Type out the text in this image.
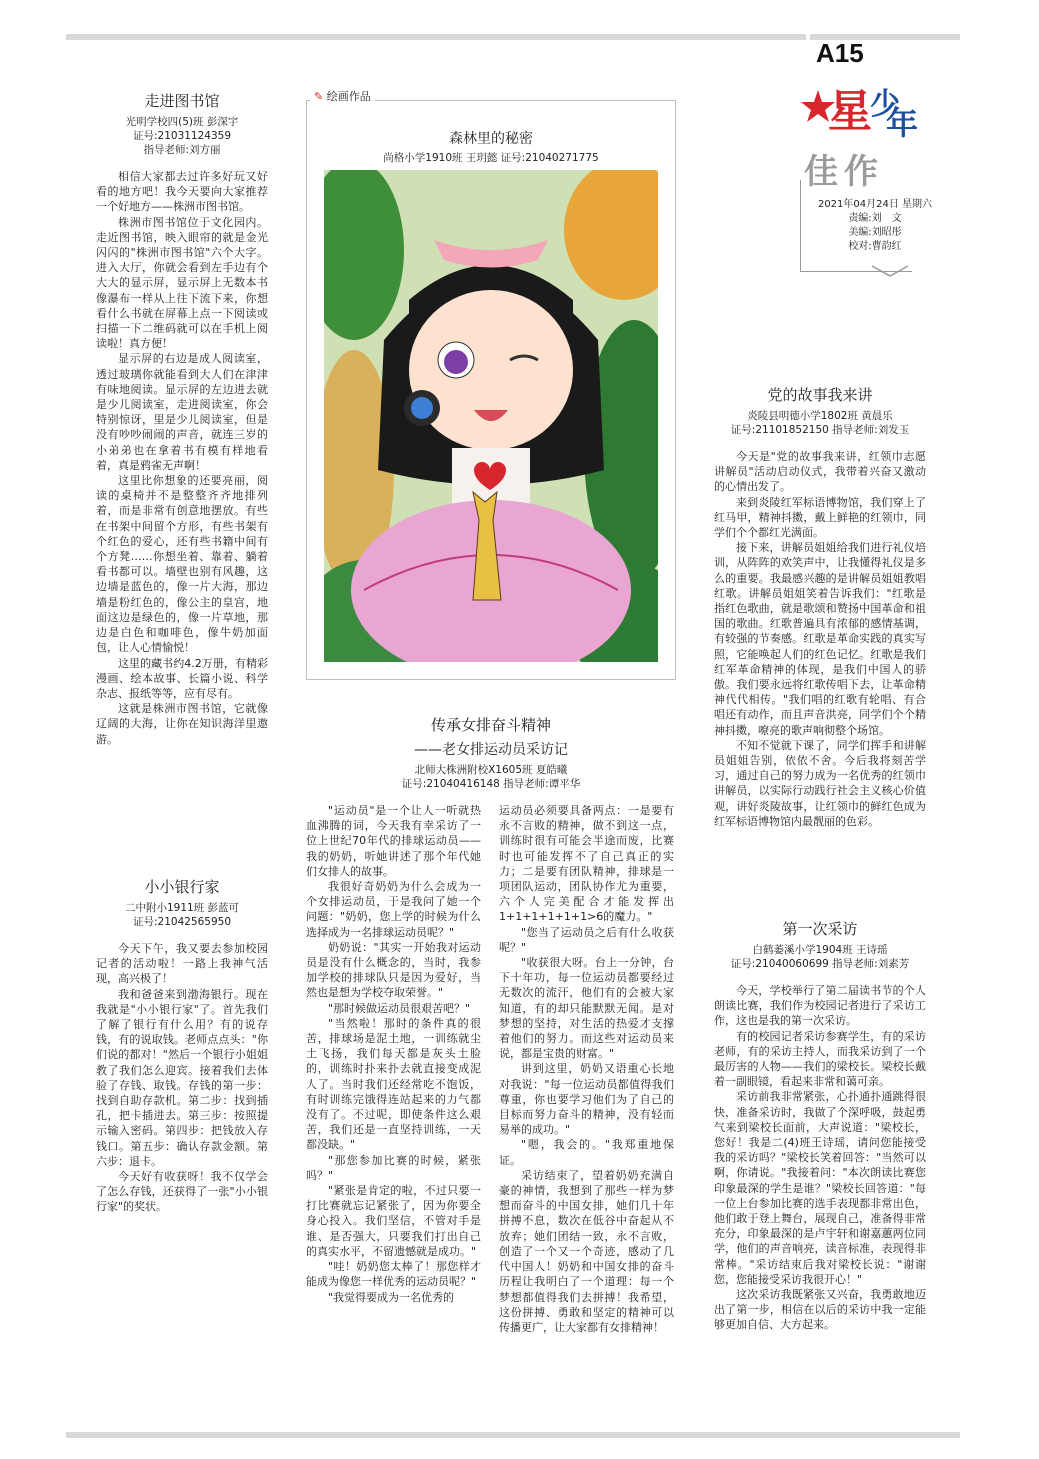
A15
星
少
年
星少年
佳作
2021年04月24日 星期六
责编:刘　文
美编:刘昭彤
校对:曹韵红
走进图书馆
光明学校四(5)班 彭深宇
证号:21031124359
指导老师:刘方丽

相信大家都去过许多好玩又好看的地方吧！我今天要向大家推荐一个好地方——株洲市图书馆。

株洲市图书馆位于文化园内。走近图书馆，映入眼帘的就是金光闪闪的"株洲市图书馆"六个大字。进入大厅，你就会看到左手边有个大大的显示屏，显示屏上无数本书像瀑布一样从上往下流下来，你想看什么书就在屏幕上点一下阅读或扫描一下二维码就可以在手机上阅读啦！真方便！

显示屏的右边是成人阅读室，透过玻璃你就能看到大人们在津津有味地阅读。显示屏的左边进去就是少儿阅读室，走进阅读室，你会特别惊讶，里是少儿阅读室，但是没有吵吵闹闹的声音，就连三岁的小弟弟也在拿着书有模有样地看着，真是鸦雀无声啊！

这里比你想象的还要亮丽，阅读的桌椅并不是整整齐齐地排列着，而是非常有创意地摆放。有些在书架中间留个方形，有些书架有个红色的爱心，还有些书籍中间有个方凳……你想坐着、靠着、躺着看书都可以。墙壁也别有风趣，这边墙是蓝色的，像一片大海，那边墙是粉红色的，像公主的皇宫，地面这边是绿色的，像一片草地，那边是白色和咖啡色，像牛奶加面包，让人心情愉悦！

这里的藏书约4.2万册，有精彩漫画、绘本故事、长篇小说、科学杂志、报纸等等，应有尽有。

这就是株洲市图书馆，它就像辽阔的大海，让你在知识海洋里遨游。

小小银行家
二中附小1911班 彭蓝可
证号:21042565950

今天下午，我又要去参加校园记者的活动啦！一路上我神气活现，高兴极了！

我和爸爸来到渤海银行。现在我就是"小小银行家"了。首先我们了解了银行有什么用？有的说存钱，有的说取钱。老师点点头："你们说的都对！"然后一个银行小姐姐教了我们怎么迎宾。接着我们去体验了存钱、取钱。存钱的第一步：找到自助存款机。第二步：找到插孔，把卡插进去。第三步：按照提示输入密码。第四步：把钱放入存钱口。第五步：确认存款金额。第六步：退卡。

今天好有收获呀！我不仅学会了怎么存钱，还获得了一张"小小银行家"的奖状。

✎ 绘画作品
森林里的秘密
尚格小学1910班 王玥懿 证号:21040271775
传承女排奋斗精神
——老女排运动员采访记
北师大株洲附校X1605班 夏皓曦
证号:21040416148 指导老师:谭平华

"运动员"是一个让人一听就热血沸腾的词，今天我有幸采访了一位上世纪70年代的排球运动员——我的奶奶，听她讲述了那个年代她们女排人的故事。

我很好奇奶奶为什么会成为一个女排运动员，于是我问了她一个问题："奶奶，您上学的时候为什么选择成为一名排球运动员呢？"

奶奶说："其实一开始我对运动员是没有什么概念的，当时，我参加学校的排球队只是因为爱好，当然也是想为学校夺取荣誉。"

"那时候做运动员很艰苦吧？"

"当然啦！那时的条件真的很苦，排球场是泥土地，一训练就尘土飞扬，我们每天都是灰头土脸的，训练时扑来扑去就直接变成泥人了。当时我们还经常吃不饱饭，有时训练完饿得连站起来的力气都没有了。不过呢，即使条件这么艰苦，我们还是一直坚持训练，一天都没缺。"

"那您参加比赛的时候，紧张吗？"

"紧张是肯定的啦，不过只要一打比赛就忘记紧张了，因为你要全身心投入。我们坚信，不管对手是谁、是否强大，只要我们打出自己的真实水平，不留遗憾就是成功。"

"哇！奶奶您太棒了！那您样才能成为像您一样优秀的运动员呢？"

"我觉得要成为一名优秀的

运动员必须要具备两点：一是要有永不言败的精神，做不到这一点，训练时很有可能会半途而废，比赛时也可能发挥不了自己真正的实力；二是要有团队精神，排球是一项团队运动，团队协作尤为重要，六个人完美配合才能发挥出1+1+1+1+1+1>6的魔力。"

"您当了运动员之后有什么收获呢？"

"收获很大呀。台上一分钟，台下十年功，每一位运动员都要经过无数次的流汗，他们有的会被大家知道，有的却只能默默无闻。是对梦想的坚持，对生活的热爱才支撑着他们的努力。而这些对运动员来说，都是宝贵的财富。"

讲到这里，奶奶又语重心长地对我说："每一位运动员都值得我们尊重，你也要学习他们为了自己的目标而努力奋斗的精神，没有轻而易举的成功。"

"嗯，我会的。"我郑重地保证。

采访结束了，望着奶奶充满自豪的神情，我想到了那些一样为梦想而奋斗的中国女排，她们几十年拼搏不息，数次在低谷中奋起从不放弃；她们团结一致，永不言败，创造了一个又一个奇迹，感动了几代中国人！奶奶和中国女排的奋斗历程让我明白了一个道理：每一个梦想都值得我们去拼搏！我希望，这份拼搏、勇敢和坚定的精神可以传播更广，让大家都有女排精神！

党的故事我来讲
炎陵县明德小学1802班 黄晨乐
证号:21101852150 指导老师:刘发玉

今天是"党的故事我来讲，红领巾志愿讲解员"活动启动仪式，我带着兴奋又激动的心情出发了。

来到炎陵红军标语博物馆，我们穿上了红马甲，精神抖擞，戴上鲜艳的红领巾，同学们个个都红光满面。

接下来，讲解员姐姐给我们进行礼仪培训，从阵阵的欢笑声中，让我懂得礼仪是多么的重要。我最感兴趣的是讲解员姐姐教唱红歌。讲解员姐姐笑着告诉我们："红歌是指红色歌曲，就是歌颂和赞扬中国革命和祖国的歌曲。红歌普遍具有浓郁的感情基调，有较强的节奏感。红歌是革命实践的真实写照，它能唤起人们的红色记忆。红歌是我们红军革命精神的体现，是我们中国人的骄傲。我们要永远将红歌传唱下去，让革命精神代代相传。"我们唱的红歌有轮唱、有合唱还有动作，而且声音洪亮，同学们个个精神抖擞，嘹亮的歌声响彻整个场馆。

不知不觉就下课了，同学们挥手和讲解员姐姐告别，依依不舍。今后我将刻苦学习，通过自己的努力成为一名优秀的红领巾讲解员，以实际行动践行社会主义核心价值观，讲好炎陵故事，让红领巾的鲜红色成为红军标语博物馆内最靓丽的色彩。

第一次采访
白鹤萎溪小学1904班 王诗瑶
证号:21040060699 指导老师:刘素芳

今天，学校举行了第二届读书节的个人朗读比赛，我们作为校园记者进行了采访工作，这也是我的第一次采访。

有的校园记者采访参赛学生，有的采访老师，有的采访主持人，而我采访到了一个最厉害的人物——我们的梁校长。梁校长戴着一副眼镜，看起来非常和蔼可亲。

采访前我非常紧张，心扑通扑通跳得很快，准备采访时，我做了个深呼吸，鼓起勇气来到梁校长面前，大声说道："梁校长，您好！我是二(4)班王诗瑶，请问您能接受我的采访吗？"梁校长笑着回答："当然可以啊，你请说。"我接着问："本次朗读比赛您印象最深的学生是谁？"梁校长回答道："每一位上台参加比赛的选手表现都非常出色，他们敢于登上舞台，展现自己，准备得非常充分，印象最深的是卢宇轩和谢嘉蕙两位同学，他们的声音响亮，读音标准，表现得非常棒。"采访结束后我对梁校长说："谢谢您，您能接受采访我很开心！"

这次采访我既紧张又兴奋，我勇敢地迈出了第一步，相信在以后的采访中我一定能够更加自信、大方起来。
